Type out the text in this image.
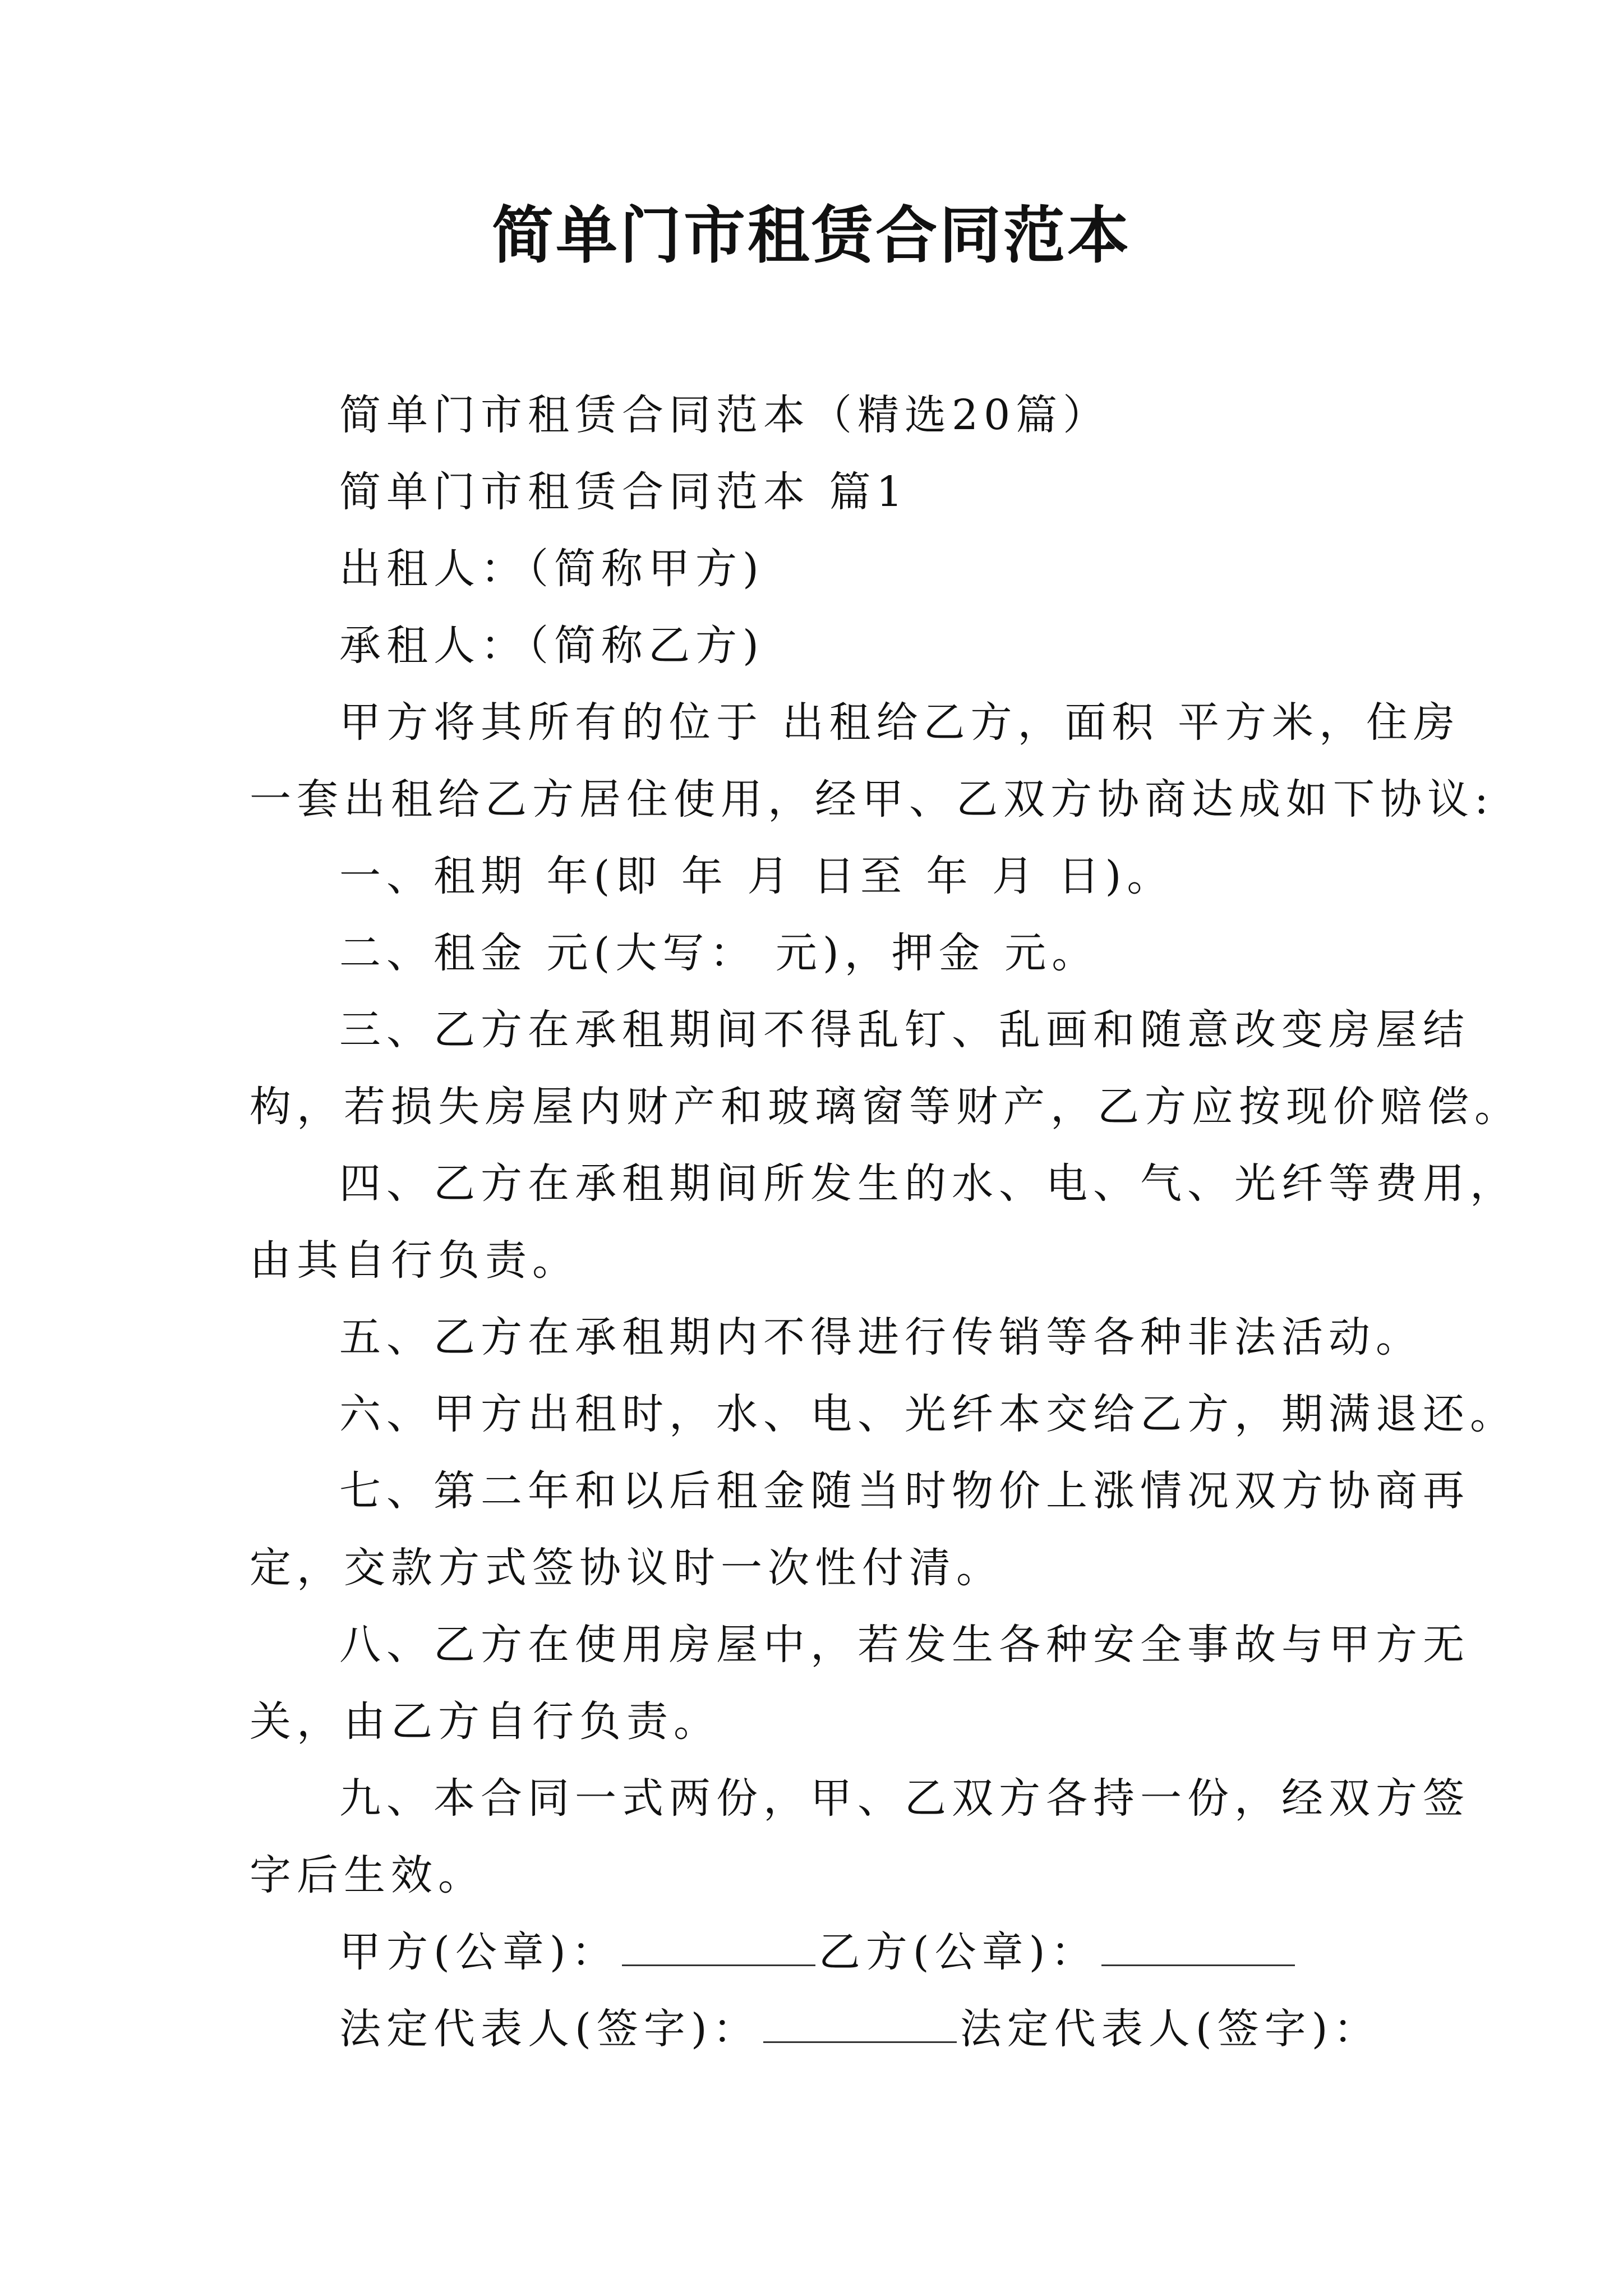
简单门市租赁合同范本
简单门市租赁合同范本（精选20篇）
简单门市租赁合同范本 篇1
出租人：（简称甲方)
承租人：（简称乙方)
甲方将其所有的位于 出租给乙方，面积 平方米，住房
一套出租给乙方居住使用，经甲、乙双方协商达成如下协议:
一、租期 年(即 年 月 日至 年 月 日)。
二、租金 元(大写： 元)，押金 元。
三、乙方在承租期间不得乱钉、乱画和随意改变房屋结
构，若损失房屋内财产和玻璃窗等财产，乙方应按现价赔偿。
四、乙方在承租期间所发生的水、电、气、光纤等费用，
由其自行负责。
五、乙方在承租期内不得进行传销等各种非法活动。
六、甲方出租时，水、电、光纤本交给乙方，期满退还。
七、第二年和以后租金随当时物价上涨情况双方协商再
定，交款方式签协议时一次性付清。
八、乙方在使用房屋中，若发生各种安全事故与甲方无
关，由乙方自行负责。
九、本合同一式两份，甲、乙双方各持一份，经双方签
字后生效。
甲方(公章)：	乙方(公章)：
法定代表人(签字)：	法定代表人(签字)：
